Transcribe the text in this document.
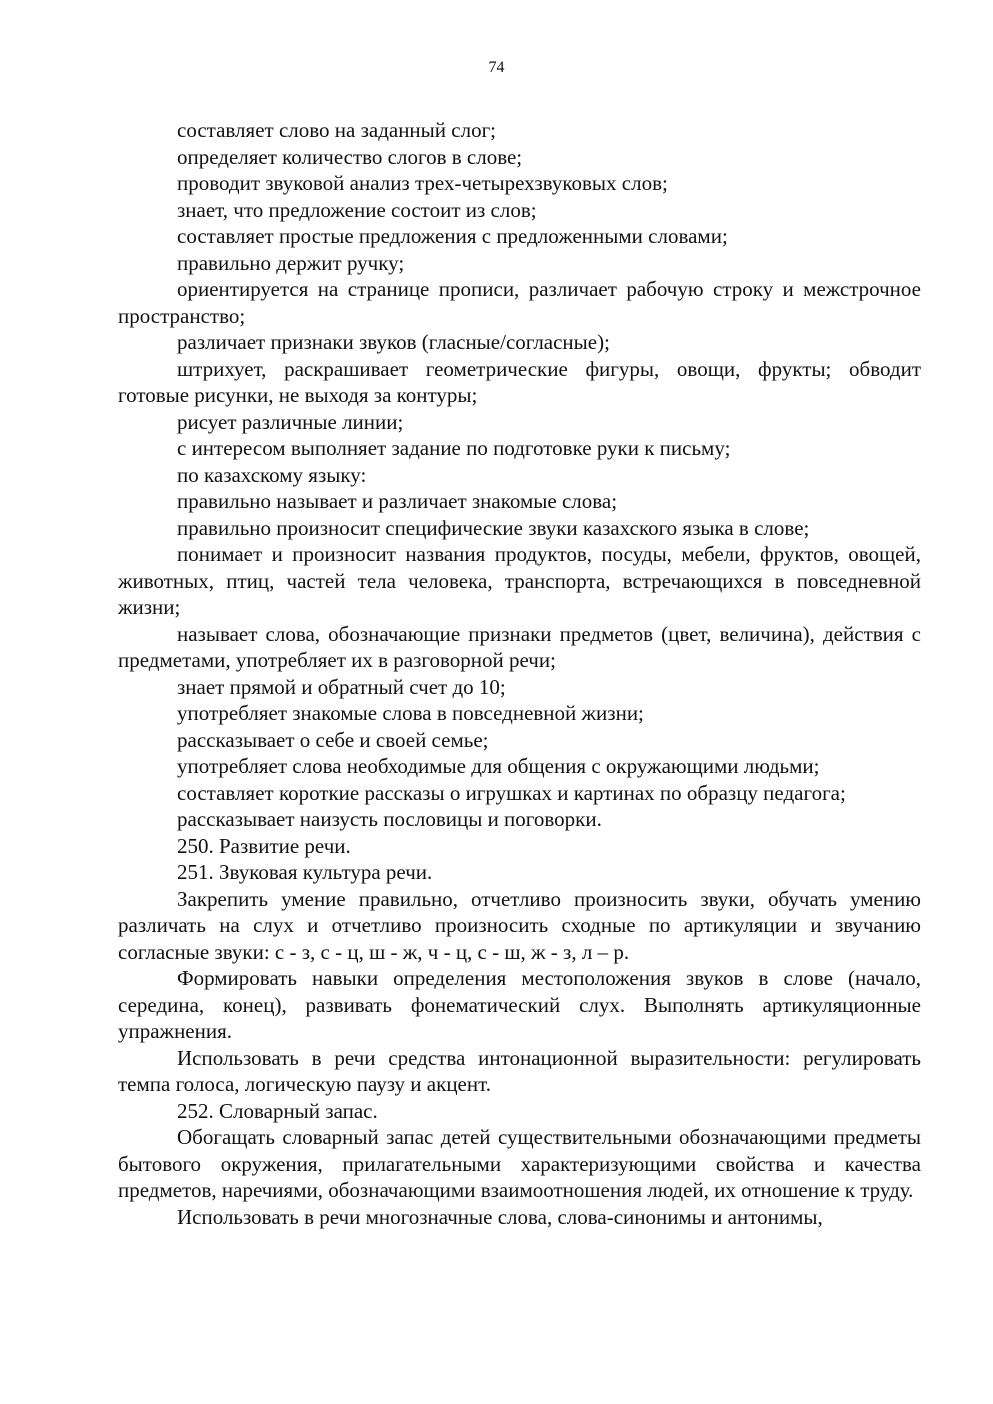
74

составляет слово на заданный слог;

определяет количество слогов в слове;

проводит звуковой анализ трех-четырехзвуковых слов;

знает, что предложение состоит из слов;

составляет простые предложения с предложенными словами;

правильно держит ручку;

ориентируется на странице прописи, различает рабочую строку и межстрочное пространство;

различает признаки звуков (гласные/согласные);

штрихует, раскрашивает геометрические фигуры, овощи, фрукты; обводит готовые рисунки, не выходя за контуры;

рисует различные линии;

с интересом выполняет задание по подготовке руки к письму;

по казахскому языку:

правильно называет и различает знакомые слова;

правильно произносит специфические звуки казахского языка в слове;

понимает и произносит названия продуктов, посуды, мебели, фруктов, овощей, животных, птиц, частей тела человека, транспорта, встречающихся в повседневной жизни;

называет слова, обозначающие признаки предметов (цвет, величина), действия с предметами, употребляет их в разговорной речи;

знает прямой и обратный счет до 10;

употребляет знакомые слова в повседневной жизни;

рассказывает о себе и своей семье;

употребляет слова необходимые для общения с окружающими людьми;

составляет короткие рассказы о игрушках и картинах по образцу педагога;

рассказывает наизусть пословицы и поговорки.

250. Развитие речи.

251. Звуковая культура речи.

Закрепить умение правильно, отчетливо произносить звуки, обучать умению различать на слух и отчетливо произносить сходные по артикуляции и звучанию согласные звуки: с - з, с - ц, ш - ж, ч - ц, с - ш, ж - з, л – р.

Формировать навыки определения местоположения звуков в слове (начало, середина, конец), развивать фонематический слух. Выполнять артикуляционные упражнения.

Использовать в речи средства интонационной выразительности: регулировать темпа голоса, логическую паузу и акцент.

252. Словарный запас.

Обогащать словарный запас детей существительными обозначающими предметы бытового окружения, прилагательными характеризующими свойства и качества предметов, наречиями, обозначающими взаимоотношения людей, их отношение к труду.

Использовать в речи многозначные слова, слова-синонимы и антонимы,
